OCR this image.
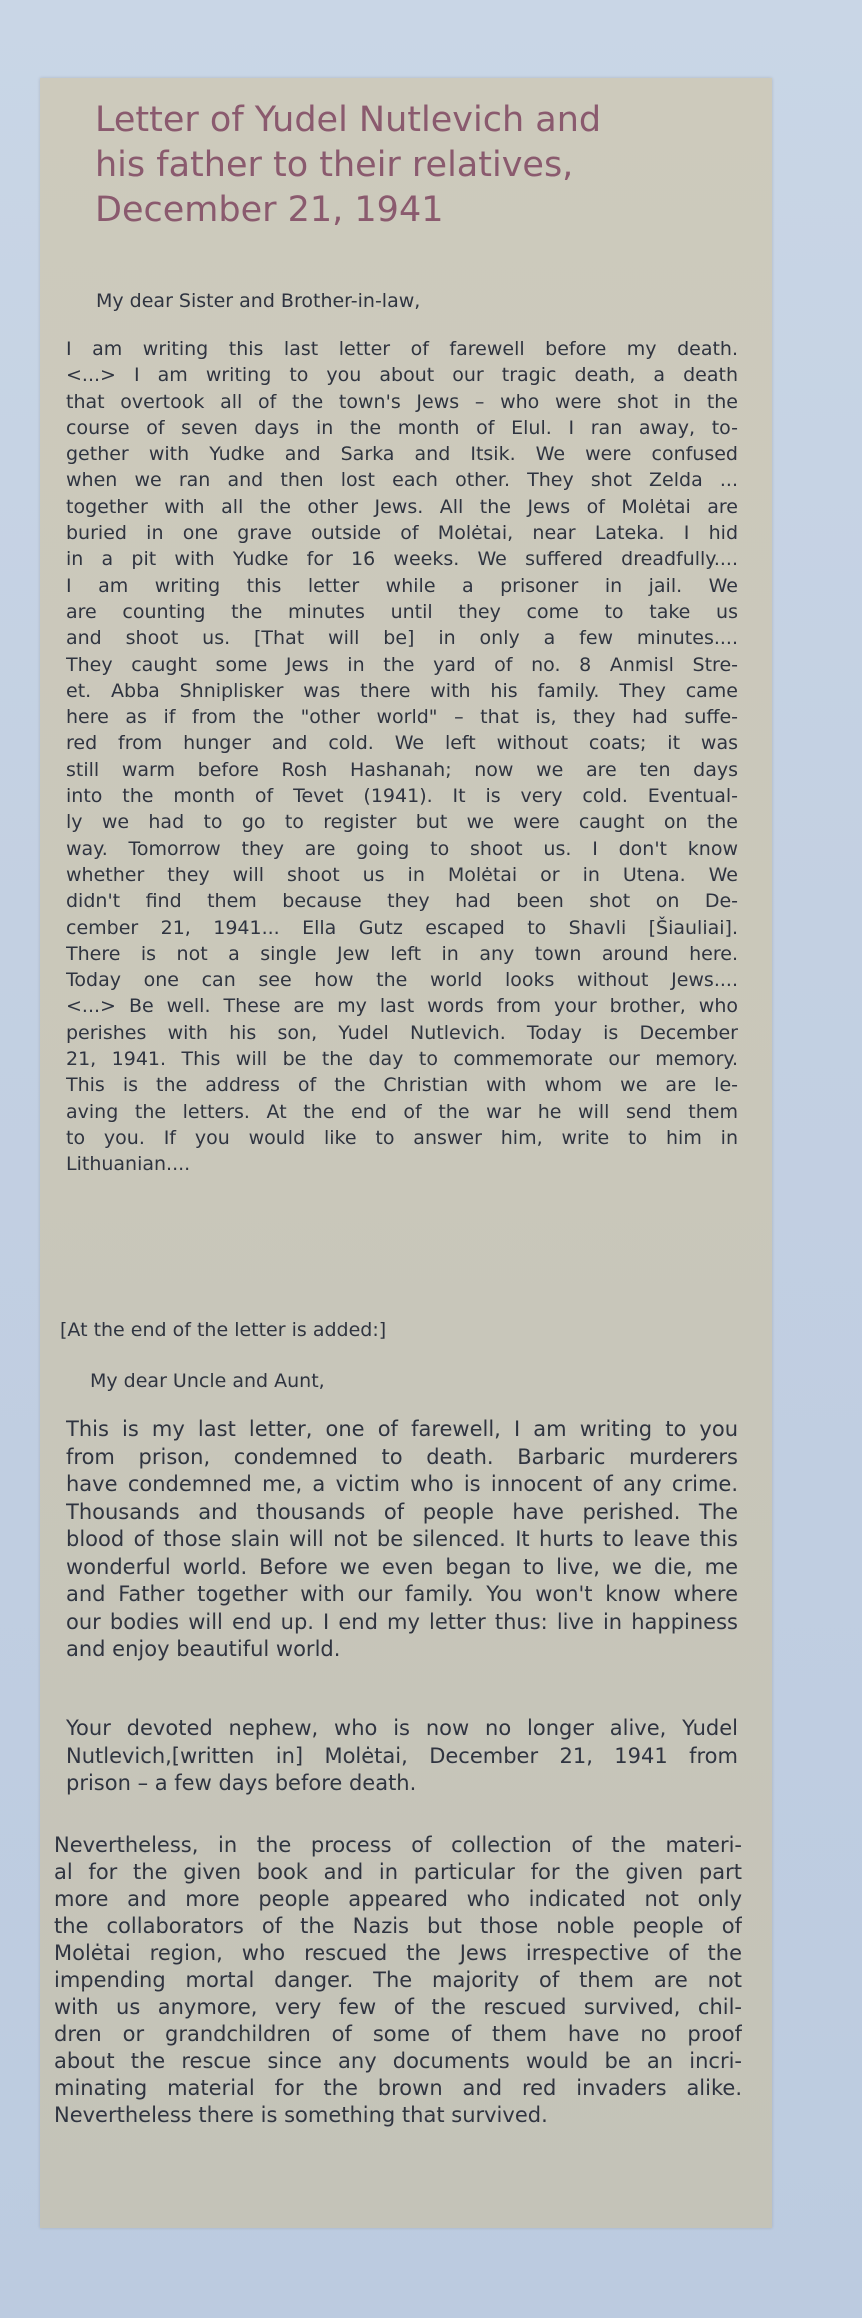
Letter of Yudel Nutlevich and
his father to their relatives,
December 21, 1941

My dear Sister and Brother-in-law,

I am writing this last letter of farewell before my death.
<...> I am writing to you about our tragic death, a death
that overtook all of the town's Jews – who were shot in the
course of seven days in the month of Elul. I ran away, to-
gether with Yudke and Sarka and Itsik. We were confused
when we ran and then lost each other. They shot Zelda ...
together with all the other Jews. All the Jews of Molėtai are
buried in one grave outside of Molėtai, near Lateka. I hid
in a pit with Yudke for 16 weeks. We suffered dreadfully....
I am writing this letter while a prisoner in jail. We
are counting the minutes until they come to take us
and shoot us. [That will be] in only a few minutes....
They caught some Jews in the yard of no. 8 Anmisl Stre-
et. Abba Shniplisker was there with his family. They came
here as if from the "other world" – that is, they had suffe-
red from hunger and cold. We left without coats; it was
still warm before Rosh Hashanah; now we are ten days
into the month of Tevet (1941). It is very cold. Eventual-
ly we had to go to register but we were caught on the
way. Tomorrow they are going to shoot us. I don't know
whether they will shoot us in Molėtai or in Utena. We
didn't find them because they had been shot on De-
cember 21, 1941... Ella Gutz escaped to Shavli [Šiauliai].
There is not a single Jew left in any town around here.
Today one can see how the world looks without Jews....
<...> Be well. These are my last words from your brother, who
perishes with his son, Yudel Nutlevich. Today is December
21, 1941. This will be the day to commemorate our memory.
This is the address of the Christian with whom we are le-
aving the letters. At the end of the war he will send them
to you. If you would like to answer him, write to him in
Lithuanian....

[At the end of the letter is added:]

My dear Uncle and Aunt,

This is my last letter, one of farewell, I am writing to you
from prison, condemned to death. Barbaric murderers
have condemned me, a victim who is innocent of any crime.
Thousands and thousands of people have perished. The
blood of those slain will not be silenced. It hurts to leave this
wonderful world. Before we even began to live, we die, me
and Father together with our family. You won't know where
our bodies will end up. I end my letter thus: live in happiness
and enjoy beautiful world.

Your devoted nephew, who is now no longer alive, Yudel
Nutlevich,[written in] Molėtai, December 21, 1941 from
prison – a few days before death.

Nevertheless, in the process of collection of the materi-
al for the given book and in particular for the given part
more and more people appeared who indicated not only
the collaborators of the Nazis but those noble people of
Molėtai region, who rescued the Jews irrespective of the
impending mortal danger. The majority of them are not
with us anymore, very few of the rescued survived, chil-
dren or grandchildren of some of them have no proof
about the rescue since any documents would be an incri-
minating material for the brown and red invaders alike.
Nevertheless there is something that survived.
